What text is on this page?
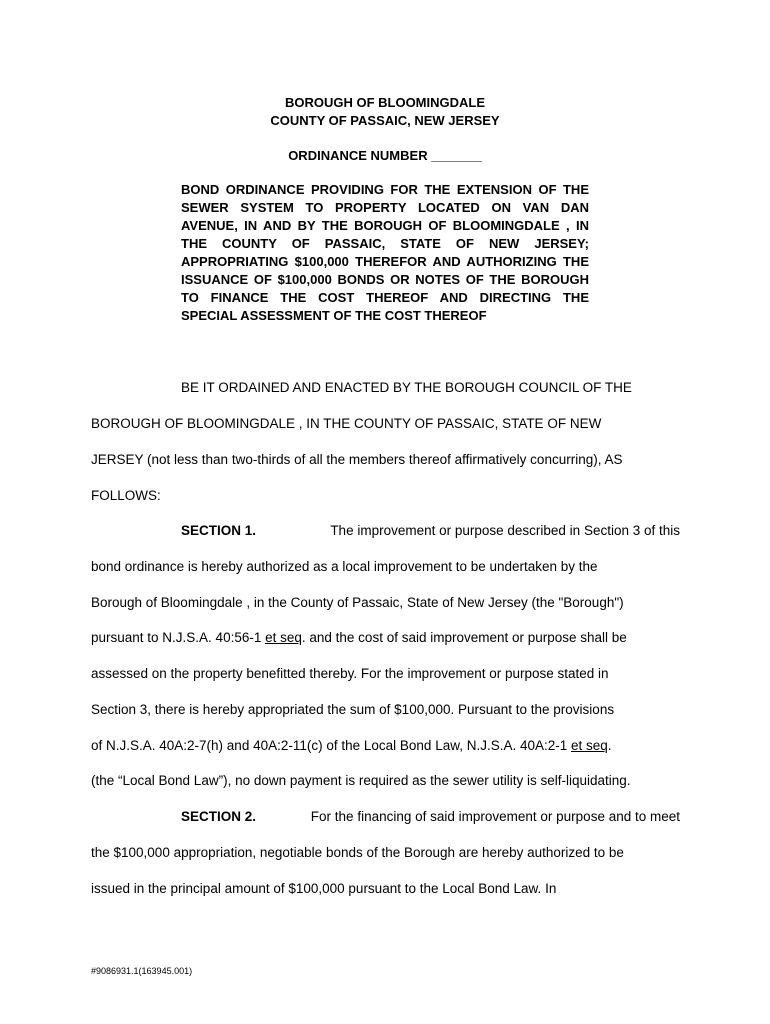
BOROUGH OF BLOOMINGDALE
COUNTY OF PASSAIC, NEW JERSEY
ORDINANCE NUMBER _______
BOND ORDINANCE PROVIDING FOR THE EXTENSION OF THE SEWER SYSTEM TO PROPERTY LOCATED ON VAN DAN AVENUE, IN AND BY THE BOROUGH OF BLOOMINGDALE , IN THE COUNTY OF PASSAIC, STATE OF NEW JERSEY; APPROPRIATING $100,000 THEREFOR AND AUTHORIZING THE ISSUANCE OF $100,000 BONDS OR NOTES OF THE BOROUGH TO FINANCE THE COST THEREOF AND DIRECTING THE SPECIAL ASSESSMENT OF THE COST THEREOF
BE IT ORDAINED AND ENACTED BY THE BOROUGH COUNCIL OF THE
BOROUGH OF BLOOMINGDALE , IN THE COUNTY OF PASSAIC, STATE OF NEW
JERSEY (not less than two-thirds of all the members thereof affirmatively concurring), AS
FOLLOWS:
SECTION 1.	The improvement or purpose described in Section 3 of this
bond ordinance is hereby authorized as a local improvement to be undertaken by the
Borough of Bloomingdale , in the County of Passaic, State of New Jersey (the "Borough")
pursuant to N.J.S.A. 40:56-1 et seq. and the cost of said improvement or purpose shall be
assessed on the property benefitted thereby. For the improvement or purpose stated in
Section 3, there is hereby appropriated the sum of $100,000. Pursuant to the provisions
of N.J.S.A. 40A:2-7(h) and 40A:2-11(c) of the Local Bond Law, N.J.S.A. 40A:2-1 et seq.
(the “Local Bond Law”), no down payment is required as the sewer utility is self-liquidating.
SECTION 2.	For the financing of said improvement or purpose and to meet
the $100,000 appropriation, negotiable bonds of the Borough are hereby authorized to be
issued in the principal amount of $100,000 pursuant to the Local Bond Law. In
#9086931.1(163945.001)
